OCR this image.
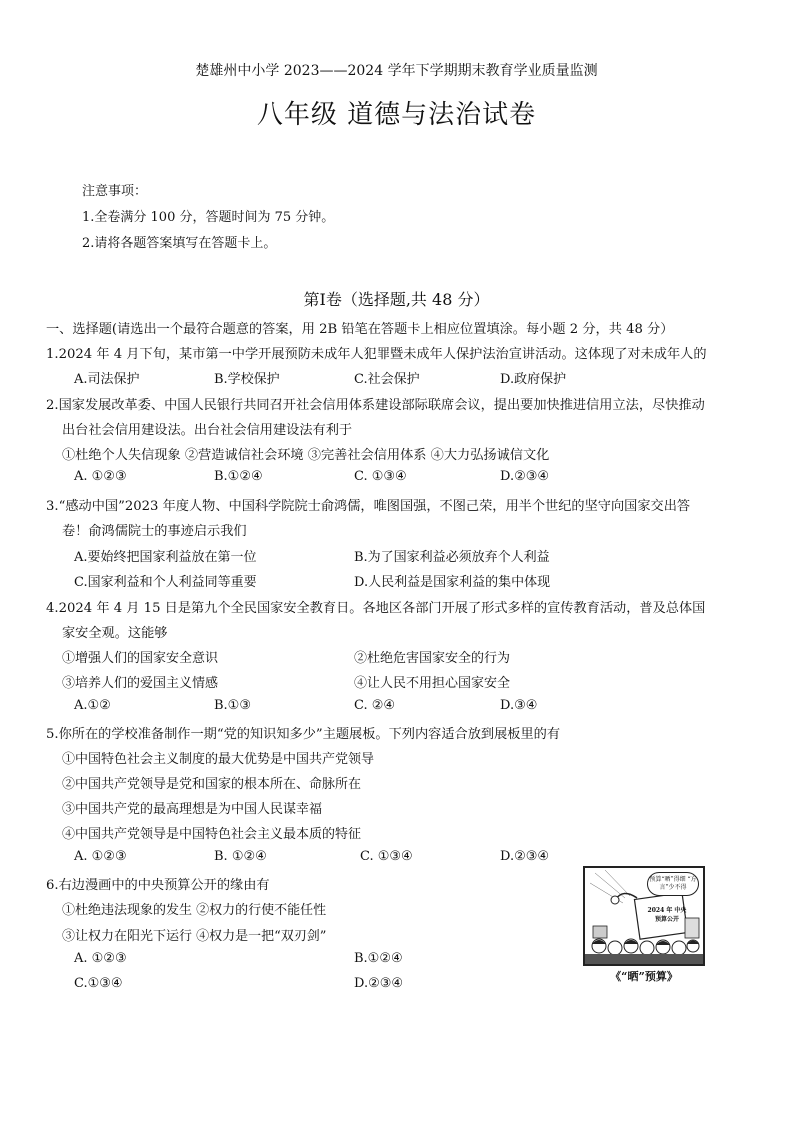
楚雄州中小学 2023——2024 学年下学期期末教育学业质量监测
八年级 道德与法治试卷
注意事项：
1.全卷满分 100 分，答题时间为 75 分钟。
2.请将各题答案填写在答题卡上。
第Ⅰ卷（选择题,共 48 分）
一、选择题(请选出一个最符合题意的答案，用 2B 铅笔在答题卡上相应位置填涂。每小题 2 分，共 48 分）
1.2024 年 4 月下旬，某市第一中学开展预防未成年人犯罪暨未成年人保护法治宣讲活动。这体现了对未成年人的
A.司法保护	B.学校保护	C.社会保护	D.政府保护
2.国家发展改革委、中国人民银行共同召开社会信用体系建设部际联席会议，提出要加快推进信用立法，尽快推动
出台社会信用建设法。出台社会信用建设法有利于
①杜绝个人失信现象 ②营造诚信社会环境 ③完善社会信用体系 ④大力弘扬诚信文化
A. ①②③	B.①②④	C. ①③④	D.②③④
3.“感动中国”2023 年度人物、中国科学院院士俞鸿儒，唯图国强，不图己荣，用半个世纪的坚守向国家交出答
卷！俞鸿儒院士的事迹启示我们
A.要始终把国家利益放在第一位	B.为了国家利益必须放弃个人利益
C.国家利益和个人利益同等重要	D.人民利益是国家利益的集中体现
4.2024 年 4 月 15 日是第九个全民国家安全教育日。各地区各部门开展了形式多样的宣传教育活动，普及总体国
家安全观。这能够
①增强人们的国家安全意识	②杜绝危害国家安全的行为
③培养人们的爱国主义情感	④让人民不用担心国家安全
A.①②	B.①③	C. ②④	D.③④
5.你所在的学校准备制作一期“党的知识知多少”主题展板。下列内容适合放到展板里的有
①中国特色社会主义制度的最大优势是中国共产党领导
②中国共产党领导是党和国家的根本所在、命脉所在
③中国共产党的最高理想是为中国人民谋幸福
④中国共产党领导是中国特色社会主义最本质的特征
A. ①②③	B. ①②④	C. ①③④	D.②③④
6.右边漫画中的中央预算公开的缘由有
①杜绝违法现象的发生 ②权力的行使不能任性
③让权力在阳光下运行 ④权力是一把“双刃剑”
A. ①②③	B.①②④
C.①③④	D.②③④
预算“晒”得细 “方言”少不得
2024 年 中央预算公开
《“晒”预算》
